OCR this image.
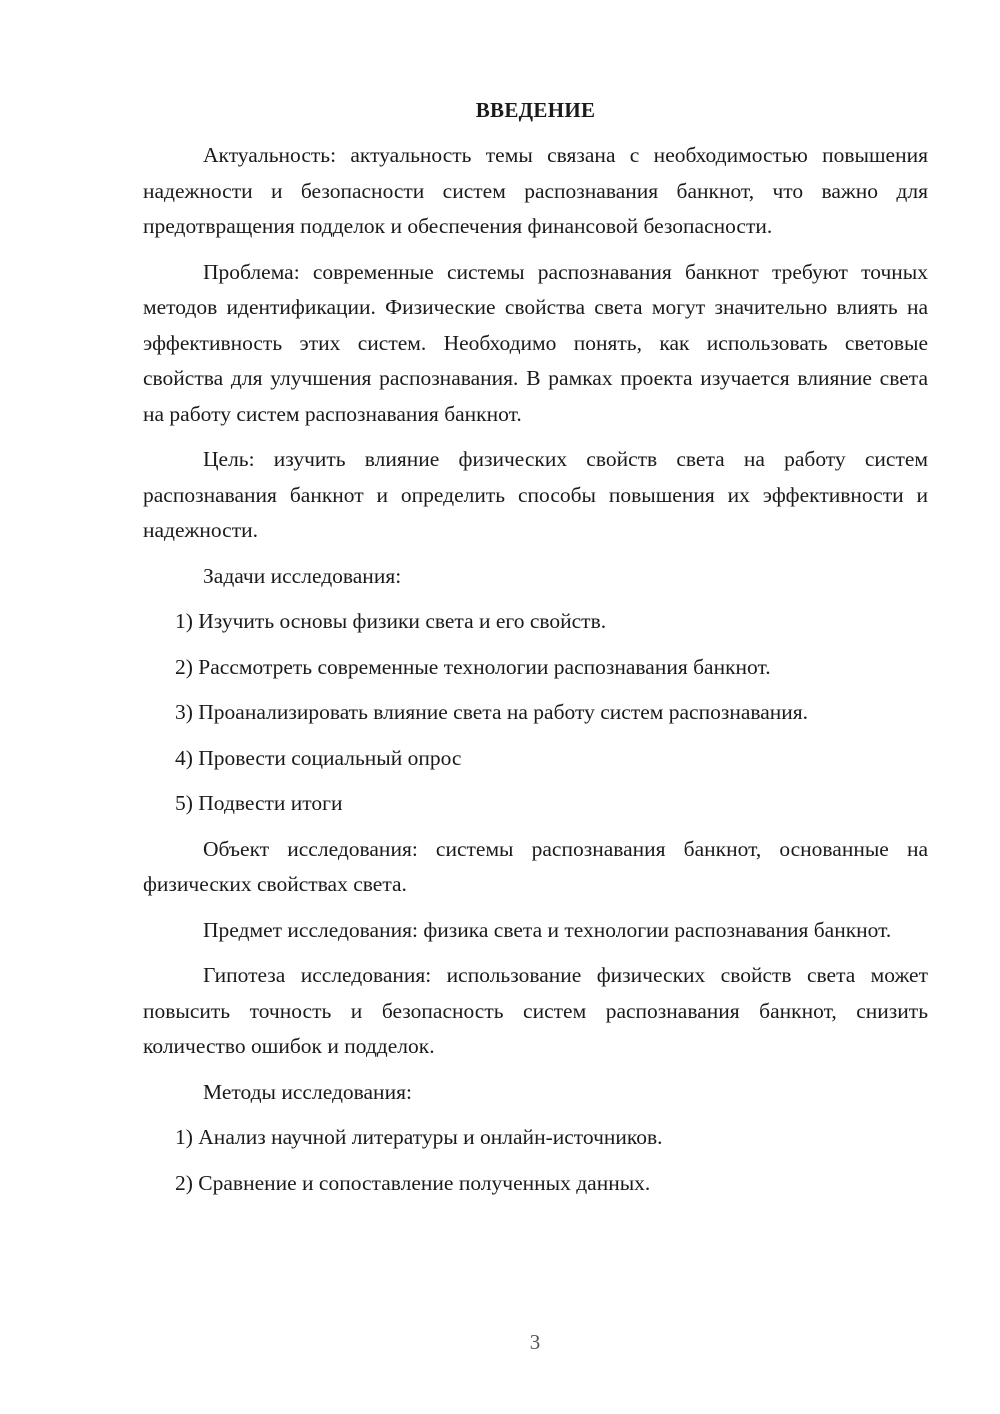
ВВЕДЕНИЕ
Актуальность: актуальность темы связана с необходимостью повышения надежности и безопасности систем распознавания банкнот, что важно для предотвращения подделок и обеспечения финансовой безопасности.
Проблема: современные системы распознавания банкнот требуют точных методов идентификации. Физические свойства света могут значительно влиять на эффективность этих систем. Необходимо понять, как использовать световые свойства для улучшения распознавания. В рамках проекта изучается влияние света на работу систем распознавания банкнот.
Цель: изучить влияние физических свойств света на работу систем распознавания банкнот и определить способы повышения их эффективности и надежности.
Задачи исследования:
1) Изучить основы физики света и его свойств.
2) Рассмотреть современные технологии распознавания банкнот.
3) Проанализировать влияние света на работу систем распознавания.
4) Провести социальный опрос
5) Подвести итоги
Объект исследования: системы распознавания банкнот, основанные на физических свойствах света.
Предмет исследования: физика света и технологии распознавания банкнот.
Гипотеза исследования: использование физических свойств света может повысить точность и безопасность систем распознавания банкнот, снизить количество ошибок и подделок.
Методы исследования:
1) Анализ научной литературы и онлайн-источников.
2) Сравнение и сопоставление полученных данных.
3
